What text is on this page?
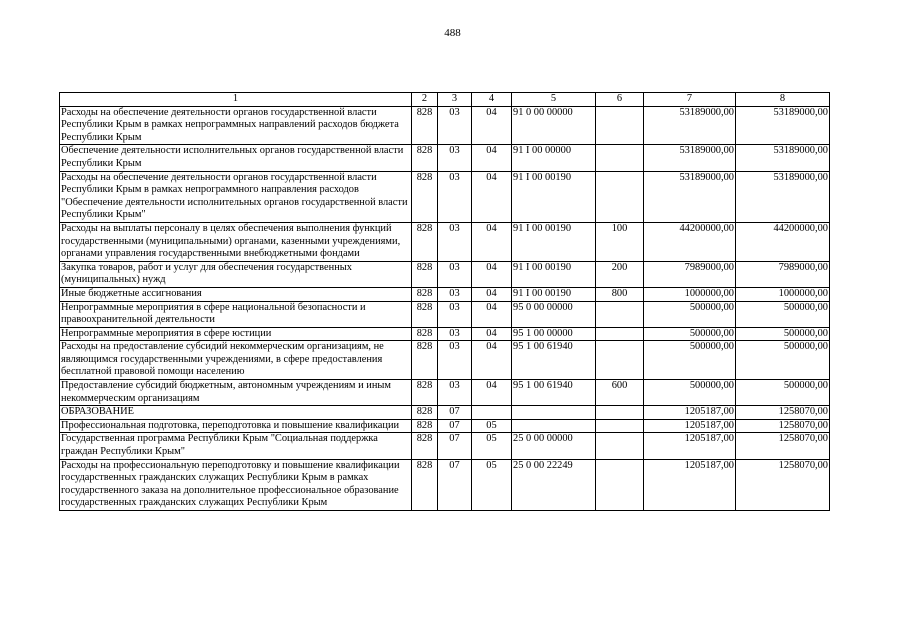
488
1	2	3	4	5	6	7	8
Расходы на обеспечение деятельности органов государственной власти Республики Крым в рамках непрограммных направлений расходов бюджета Республики Крым	828	03	04	91 0 00 00000		53189000,00	53189000,00
Обеспечение деятельности исполнительных органов государственной власти Республики Крым	828	03	04	91 I 00 00000		53189000,00	53189000,00
Расходы на обеспечение деятельности органов государственной власти Республики Крым в рамках непрограммного направления расходов "Обеспечение деятельности исполнительных органов государственной власти Республики Крым"	828	03	04	91 I 00 00190		53189000,00	53189000,00
Расходы на выплаты персоналу в целях обеспечения выполнения функций государственными (муниципальными) органами, казенными учреждениями, органами управления государственными внебюджетными фондами	828	03	04	91 I 00 00190	100	44200000,00	44200000,00
Закупка товаров, работ и услуг для обеспечения государственных (муниципальных) нужд	828	03	04	91 I 00 00190	200	7989000,00	7989000,00
Иные бюджетные ассигнования	828	03	04	91 I 00 00190	800	1000000,00	1000000,00
Непрограммные мероприятия в сфере национальной безопасности и правоохранительной деятельности	828	03	04	95 0 00 00000		500000,00	500000,00
Непрограммные мероприятия в сфере юстиции	828	03	04	95 1 00 00000		500000,00	500000,00
Расходы на предоставление субсидий некоммерческим организациям, не являющимся государственными учреждениями, в сфере предоставления бесплатной правовой помощи населению	828	03	04	95 1 00 61940		500000,00	500000,00
Предоставление субсидий бюджетным, автономным учреждениям и иным некоммерческим организациям	828	03	04	95 1 00 61940	600	500000,00	500000,00
ОБРАЗОВАНИЕ	828	07				1205187,00	1258070,00
Профессиональная подготовка, переподготовка и повышение квалификации	828	07	05			1205187,00	1258070,00
Государственная программа Республики Крым "Социальная поддержка граждан Республики Крым"	828	07	05	25 0 00 00000		1205187,00	1258070,00
Расходы на профессиональную переподготовку и повышение квалификации государственных гражданских служащих Республики Крым в рамках государственного заказа на дополнительное профессиональное образование государственных гражданских служащих Республики Крым	828	07	05	25 0 00 22249		1205187,00	1258070,00
